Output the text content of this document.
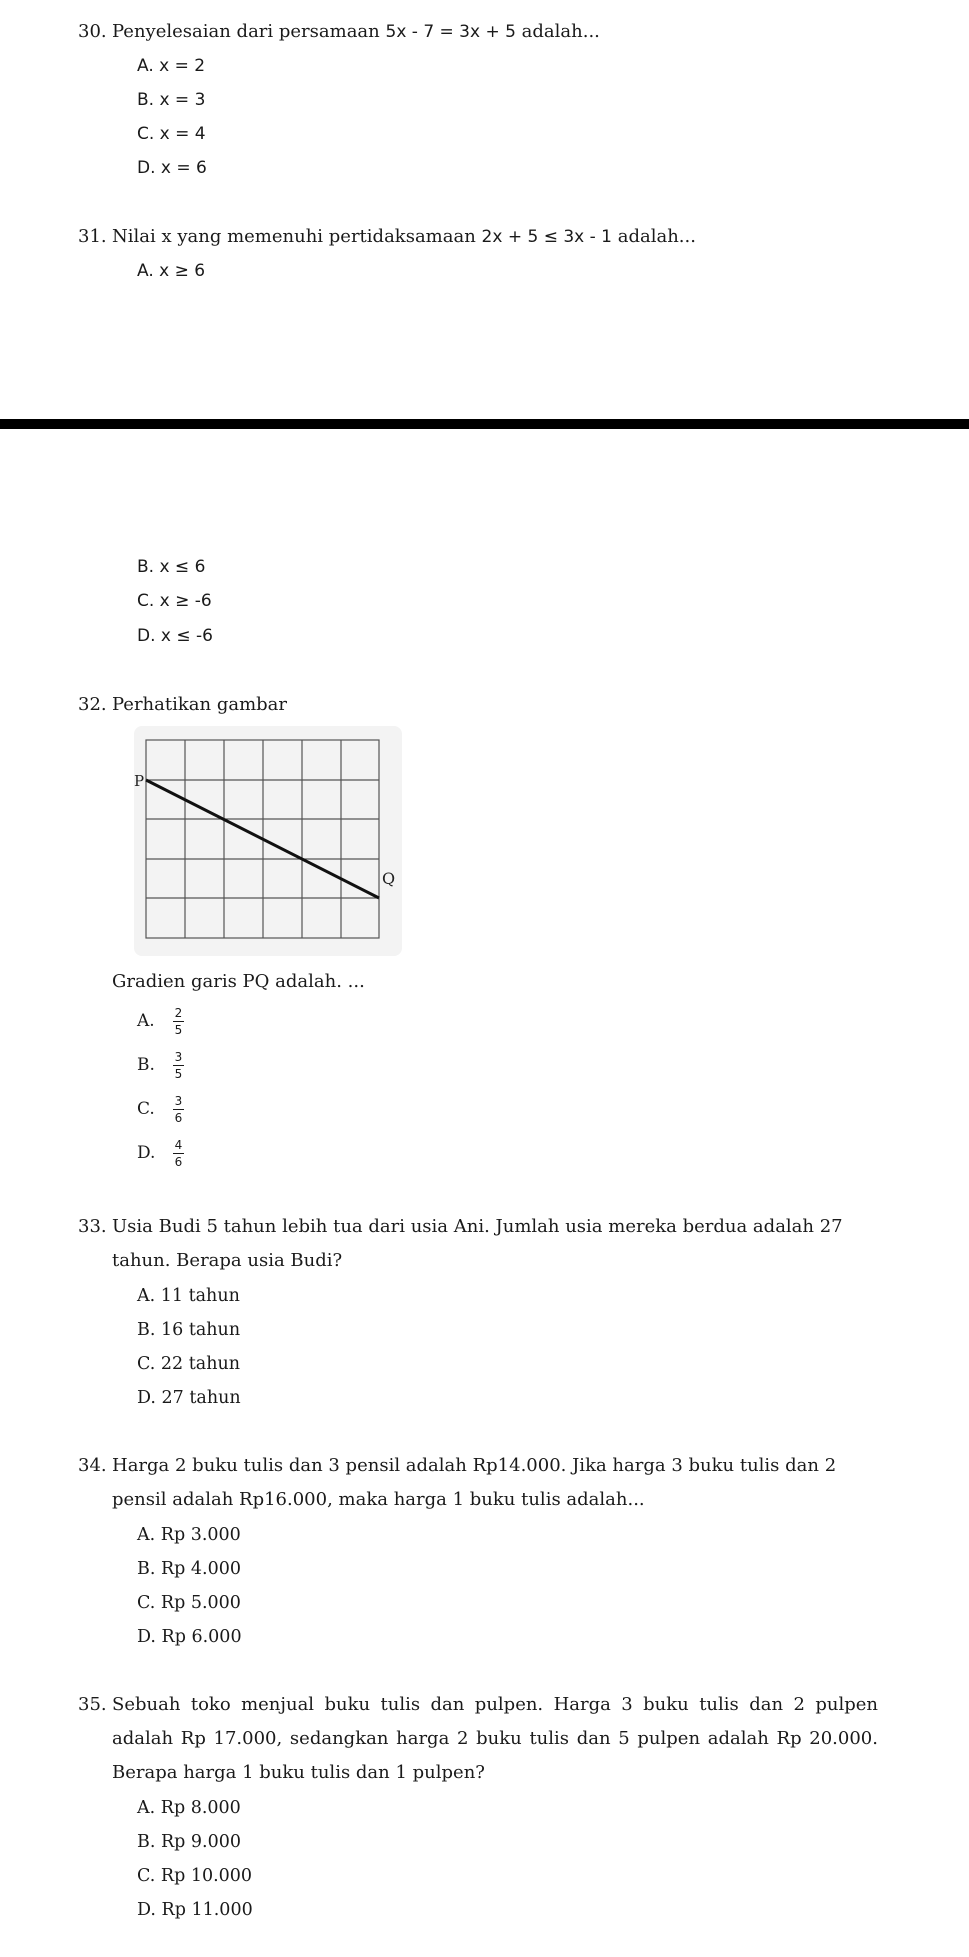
30. Penyelesaian dari persamaan 5x - 7 = 3x + 5 adalah...
A. x = 2
B. x = 3
C. x = 4
D. x = 6
31. Nilai x yang memenuhi pertidaksamaan 2x + 5 ≤ 3x - 1 adalah...
A. x ≥ 6
B. x ≤ 6
C. x ≥ -6
D. x ≤ -6
32. Perhatikan gambar
P
Q
Gradien garis PQ adalah. ...
A.	$\frac{2}{5}$
B.	$\frac{3}{5}$
C.	$\frac{3}{6}$
D.	$\frac{4}{6}$
33. Usia Budi 5 tahun lebih tua dari usia Ani. Jumlah usia mereka berdua adalah 27 tahun. Berapa usia Budi?
A. 11 tahun
B. 16 tahun
C. 22 tahun
D. 27 tahun
34. Harga 2 buku tulis dan 3 pensil adalah Rp14.000. Jika harga 3 buku tulis dan 2 pensil adalah Rp16.000, maka harga 1 buku tulis adalah...
A. Rp 3.000
B. Rp 4.000
C. Rp 5.000
D. Rp 6.000
35. Sebuah toko menjual buku tulis dan pulpen. Harga 3 buku tulis dan 2 pulpen adalah Rp 17.000, sedangkan harga 2 buku tulis dan 5 pulpen adalah Rp 20.000. Berapa harga 1 buku tulis dan 1 pulpen?
A. Rp 8.000
B. Rp 9.000
C. Rp 10.000
D. Rp 11.000
